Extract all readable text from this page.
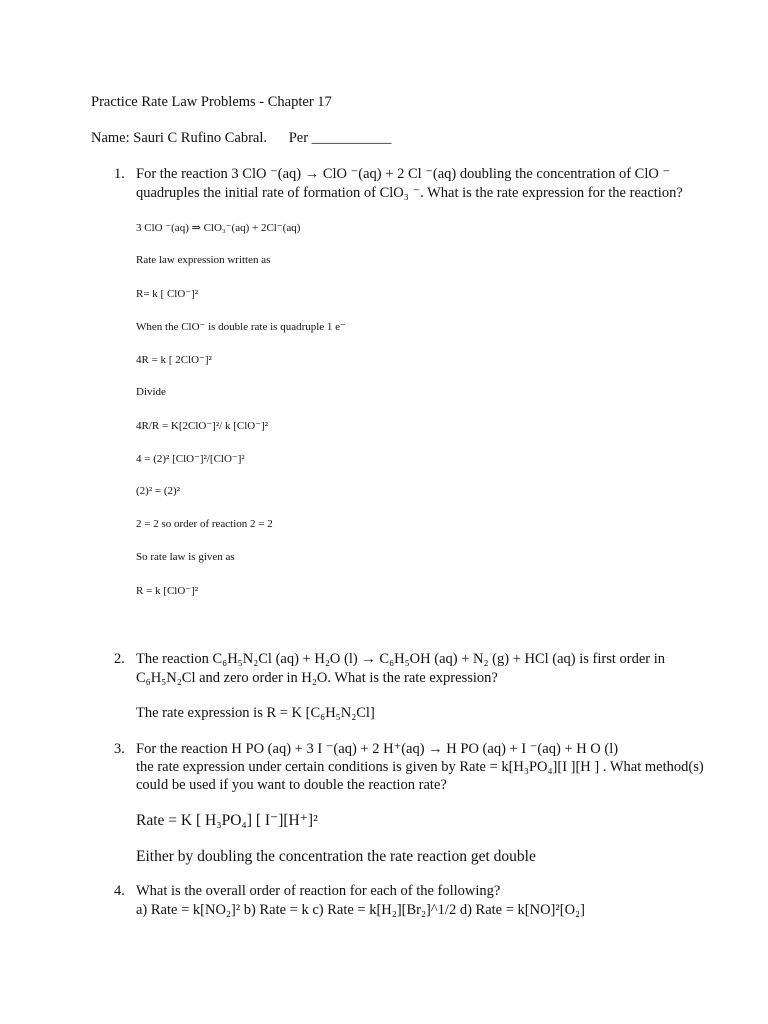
Practice Rate Law Problems - Chapter 17
Name: Sauri C Rufino Cabral.      Per ___________
1. For the reaction 3 ClO ⁻(aq) → ClO ⁻(aq) + 2 Cl ⁻(aq) doubling the concentration of ClO ⁻
quadruples the initial rate of formation of ClO₃ ⁻. What is the rate expression for the reaction?
3 ClO ⁻(aq) ⇒ ClO₃⁻(aq) + 2Cl⁻(aq)
Rate law expression written as
R= k [ ClO⁻]²
When the ClO⁻ is double rate is quadruple 1 e⁻
4R = k [ 2ClO⁻]²
Divide
4R/R = K[2ClO⁻]²/ k [ClO⁻]²
4 = (2)² [ClO⁻]²/[ClO⁻]²
(2)² = (2)²
2 = 2 so order of reaction 2 = 2
So rate law is given as
R = k [ClO⁻]²
2. The reaction C₆H₅N₂Cl (aq) + H₂O (l) → C₆H₅OH (aq) + N₂ (g) + HCl (aq) is first order in
C₆H₅N₂Cl and zero order in H₂O. What is the rate expression?
The rate expression is R = K [C₆H₅N₂Cl]
3. For the reaction H PO (aq) + 3 I ⁻(aq) + 2 H⁺(aq) → H PO (aq) + I ⁻(aq) + H O (l)
the rate expression under certain conditions is given by Rate = k[H₃PO₄][I ][H ] . What method(s)
could be used if you want to double the reaction rate?
Rate = K [ H₃PO₄] [ I⁻][H⁺]²
Either by doubling the concentration the rate reaction get double
4. What is the overall order of reaction for each of the following?
a) Rate = k[NO₂]² b) Rate = k c) Rate = k[H₂][Br₂]^1/2 d) Rate = k[NO]²[O₂]
